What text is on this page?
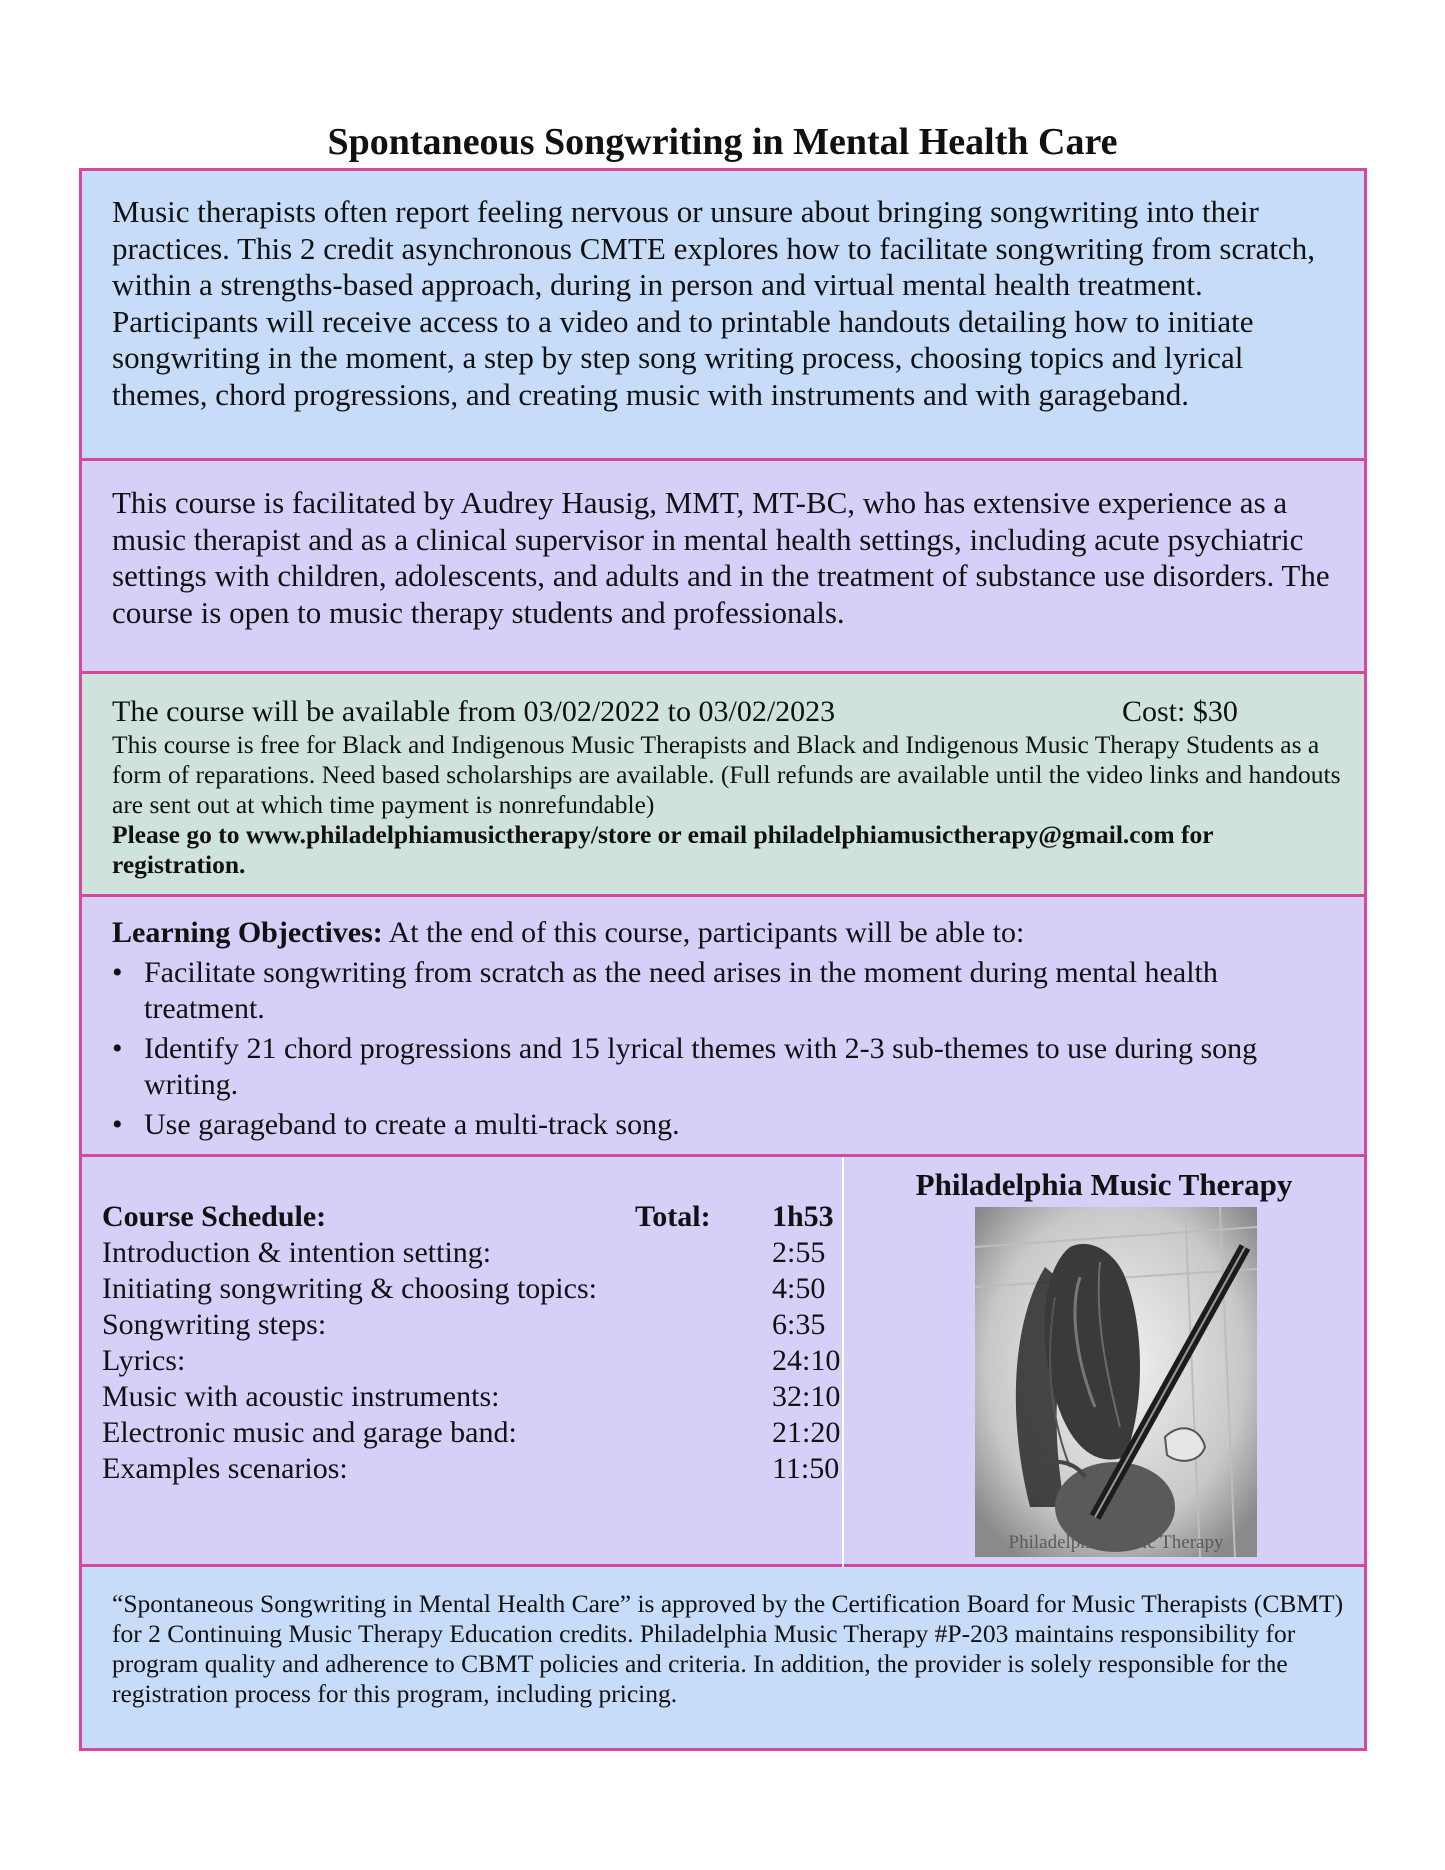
Spontaneous Songwriting in Mental Health Care

Music therapists often report feeling nervous or unsure about bringing songwriting into their practices. This 2 credit asynchronous CMTE explores how to facilitate songwriting from scratch, within a strengths-based approach, during in person and virtual mental health treatment. Participants will receive access to a video and to printable handouts detailing how to initiate songwriting in the moment, a step by step song writing process, choosing topics and lyrical themes, chord progressions, and creating music with instruments and with garageband.

This course is facilitated by Audrey Hausig, MMT, MT-BC, who has extensive experience as a music therapist and as a clinical supervisor in mental health settings, including acute psychiatric settings with children, adolescents, and adults and in the treatment of substance use disorders. The course is open to music therapy students and professionals.

The course will be available from 03/02/2022 to 03/02/2023	Cost: $30

This course is free for Black and Indigenous Music Therapists and Black and Indigenous Music Therapy Students as a form of reparations. Need based scholarships are available. (Full refunds are available until the video links and handouts are sent out at which time payment is nonrefundable)

Please go to www.philadelphiamusictherapy/store or email philadelphiamusictherapy@gmail.com for registration.

Learning Objectives: At the end of this course, participants will be able to:

• Facilitate songwriting from scratch as the need arises in the moment during mental health treatment.
• Identify 21 chord progressions and 15 lyrical themes with 2-3 sub-themes to use during song writing.
• Use garageband to create a multi-track song.
Course Schedule:	Total: 1h53
Introduction & intention setting:	2:55
Initiating songwriting & choosing topics:	4:50
Songwriting steps:	6:35
Lyrics:	24:10
Music with acoustic instruments:	32:10
Electronic music and garage band:	21:20
Examples scenarios:	11:50
Philadelphia Music Therapy
Philadelphia Music Therapy

“Spontaneous Songwriting in Mental Health Care” is approved by the Certification Board for Music Therapists (CBMT) for 2 Continuing Music Therapy Education credits. Philadelphia Music Therapy #P-203 maintains responsibility for program quality and adherence to CBMT policies and criteria. In addition, the provider is solely responsible for the registration process for this program, including pricing.
